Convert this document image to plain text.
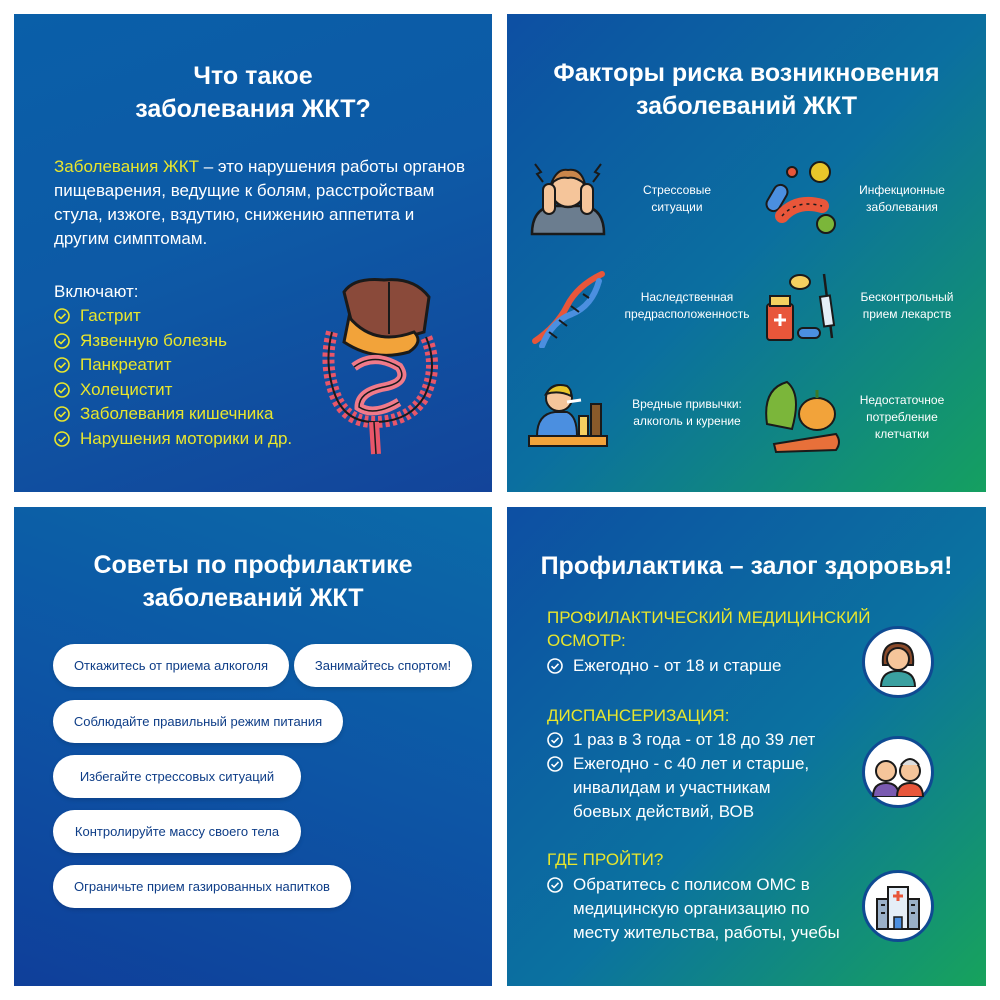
Что такое
заболевания ЖКТ?
Заболевания ЖКТ – это нарушения работы органов пищеварения, ведущие к болям, расстройствам стула, изжоге, вздутию, снижению аппетита и другим симптомам.
Включают:
Гастрит
Язвенную болезнь
Панкреатит
Холецистит
Заболевания кишечника
Нарушения моторики и др.
Факторы риска возникновения
заболеваний ЖКТ
Стрессовые ситуации
Инфекционные заболевания
Наследственная предрасположенность
Бесконтрольный прием лекарств
Вредные привычки: алкоголь и курение
Недостаточное потребление клетчатки
Советы по профилактике
заболеваний ЖКТ
Откажитесь от приема алкоголя	Занимайтесь спортом!
Соблюдайте правильный режим питания
Избегайте стрессовых ситуаций
Контролируйте массу своего тела
Ограничьте прием газированных напитков
Профилактика – залог здоровья!
ПРОФИЛАКТИЧЕСКИЙ МЕДИЦИНСКИЙ
ОСМОТР:
Ежегодно - от 18 и старше
ДИСПАНСЕРИЗАЦИЯ:
1 раз в 3 года - от 18 до 39 лет
Ежегодно - с 40 лет и старше, инвалидам и участникам боевых действий, ВОВ
ГДЕ ПРОЙТИ?
Обратитесь с полисом ОМС в медицинскую организацию по месту жительства, работы, учебы
